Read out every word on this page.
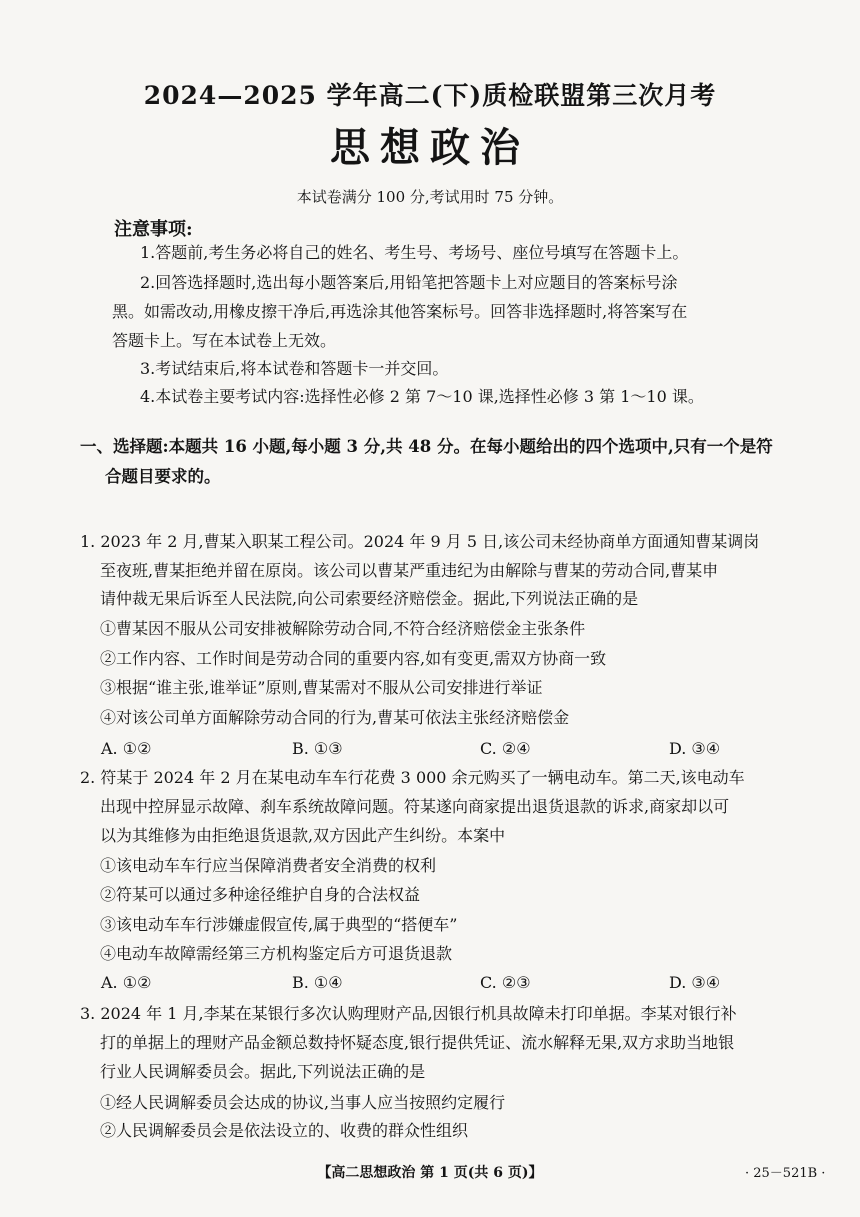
2024—2025 学年高二(下)质检联盟第三次月考
思想政治
本试卷满分 100 分,考试用时 75 分钟。
注意事项:
1.答题前,考生务必将自己的姓名、考生号、考场号、座位号填写在答题卡上。
2.回答选择题时,选出每小题答案后,用铅笔把答题卡上对应题目的答案标号涂
黑。如需改动,用橡皮擦干净后,再选涂其他答案标号。回答非选择题时,将答案写在
答题卡上。写在本试卷上无效。
3.考试结束后,将本试卷和答题卡一并交回。
4.本试卷主要考试内容:选择性必修 2 第 7～10 课,选择性必修 3 第 1～10 课。
一、选择题:本题共 16 小题,每小题 3 分,共 48 分。在每小题给出的四个选项中,只有一个是符
合题目要求的。
1. 2023 年 2 月,曹某入职某工程公司。2024 年 9 月 5 日,该公司未经协商单方面通知曹某调岗
至夜班,曹某拒绝并留在原岗。该公司以曹某严重违纪为由解除与曹某的劳动合同,曹某申
请仲裁无果后诉至人民法院,向公司索要经济赔偿金。据此,下列说法正确的是
①曹某因不服从公司安排被解除劳动合同,不符合经济赔偿金主张条件
②工作内容、工作时间是劳动合同的重要内容,如有变更,需双方协商一致
③根据“谁主张,谁举证”原则,曹某需对不服从公司安排进行举证
④对该公司单方面解除劳动合同的行为,曹某可依法主张经济赔偿金
A. ①②	B. ①③	C. ②④	D. ③④
2. 符某于 2024 年 2 月在某电动车车行花费 3 000 余元购买了一辆电动车。第二天,该电动车
出现中控屏显示故障、刹车系统故障问题。符某遂向商家提出退货退款的诉求,商家却以可
以为其维修为由拒绝退货退款,双方因此产生纠纷。本案中
①该电动车车行应当保障消费者安全消费的权利
②符某可以通过多种途径维护自身的合法权益
③该电动车车行涉嫌虚假宣传,属于典型的“搭便车”
④电动车故障需经第三方机构鉴定后方可退货退款
A. ①②	B. ①④	C. ②③	D. ③④
3. 2024 年 1 月,李某在某银行多次认购理财产品,因银行机具故障未打印单据。李某对银行补
打的单据上的理财产品金额总数持怀疑态度,银行提供凭证、流水解释无果,双方求助当地银
行业人民调解委员会。据此,下列说法正确的是
①经人民调解委员会达成的协议,当事人应当按照约定履行
②人民调解委员会是依法设立的、收费的群众性组织
【高二思想政治 第 1 页(共 6 页)】	· 25－521B ·
